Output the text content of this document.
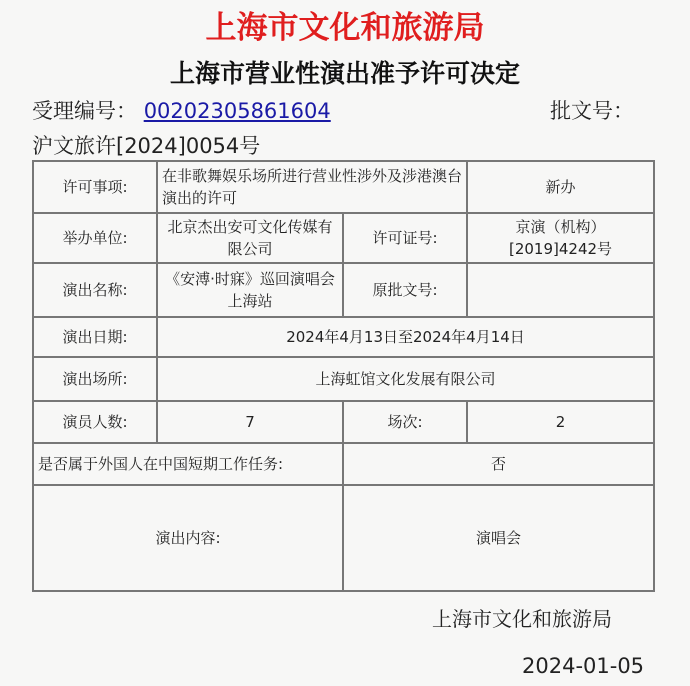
上海市文化和旅游局
上海市营业性演出准予许可决定
受理编号： 00202305861604	批文号：
沪文旅许[2024]0054号
许可事项:	在非歌舞娱乐场所进行营业性涉外及涉港澳台演出的许可		新办
举办单位:	北京杰出安可文化传媒有限公司	许可证号:	京演（机构）[2019]4242号
演出名称:	《安溥·时寐》巡回演唱会上海站	原批文号:	
演出日期:	2024年4月13日至2024年4月14日		
演出场所:	上海虹馆文化发展有限公司		
演员人数:	7	场次:	2
是否属于外国人在中国短期工作任务:		否	
演出内容:		演唱会	
上海市文化和旅游局
2024-01-05
